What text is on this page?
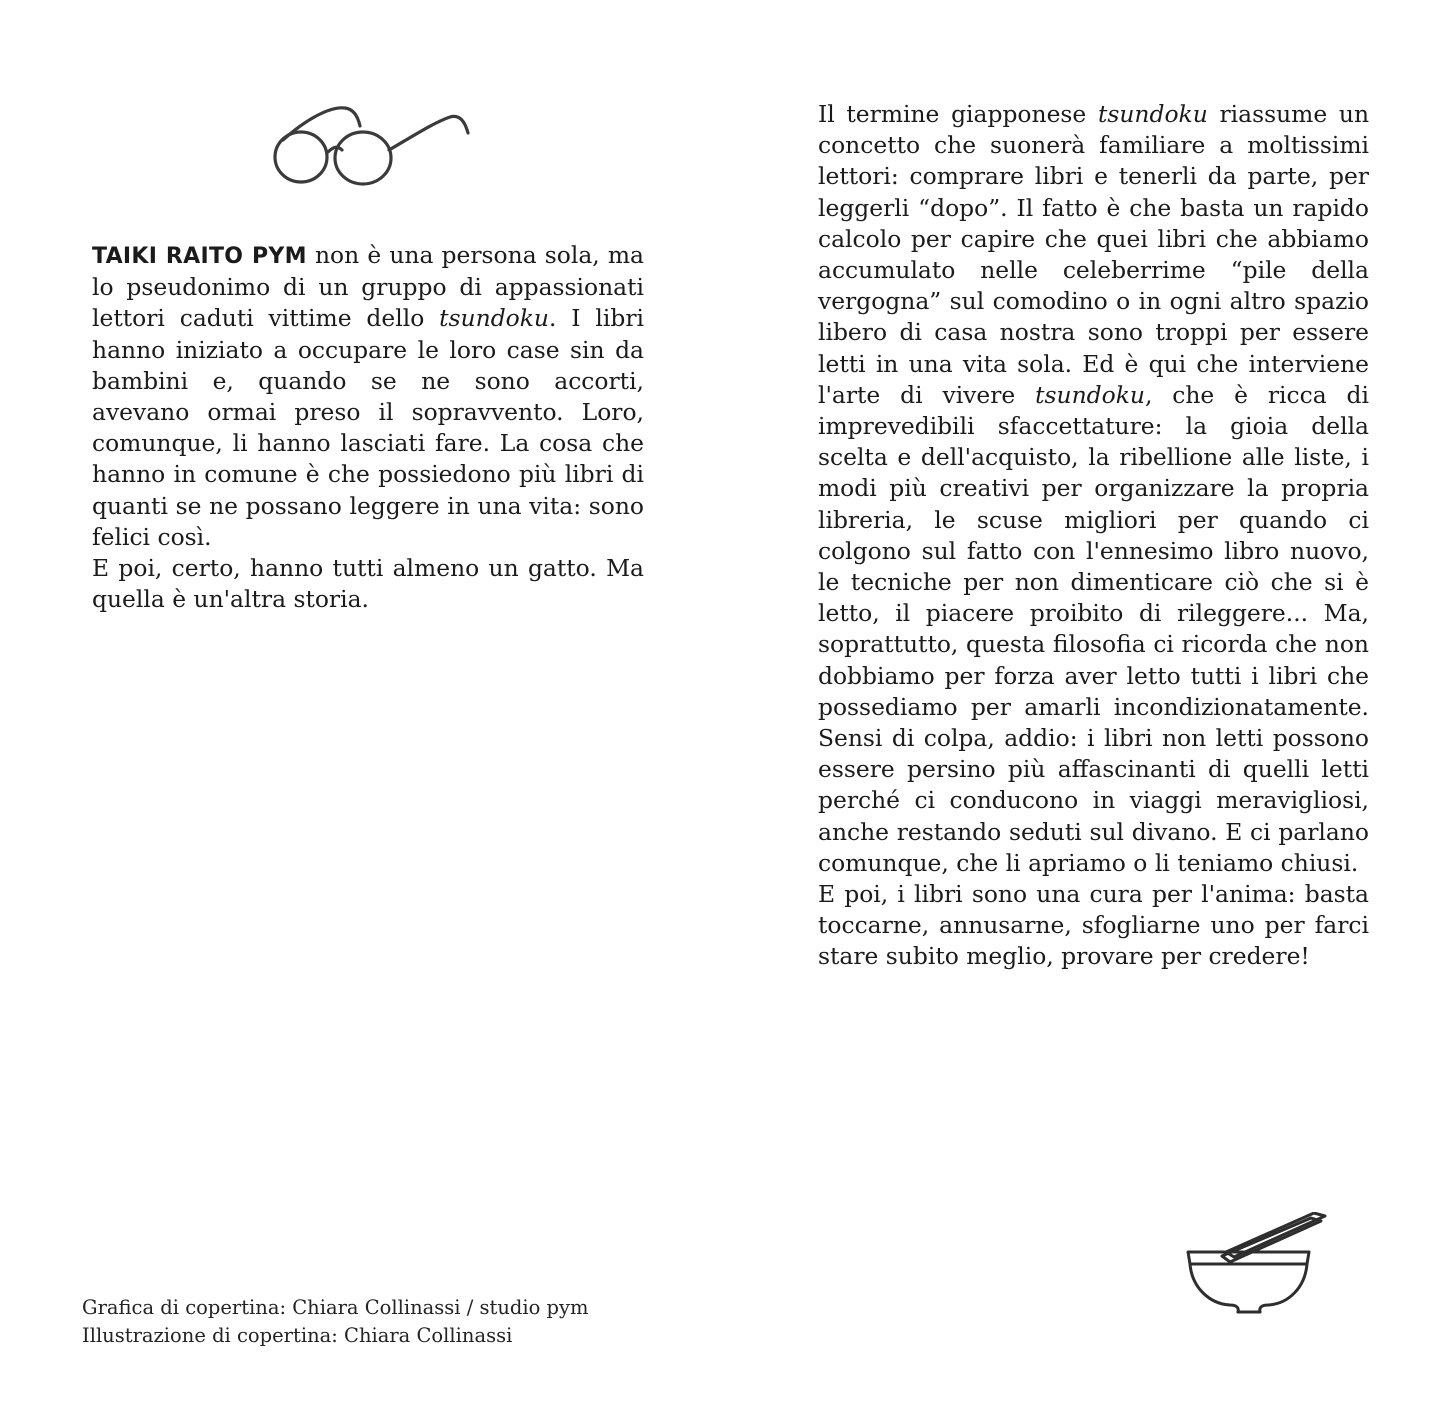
TAIKI RAITO PYM non è una persona sola, ma lo pseudonimo di un gruppo di appassionati lettori caduti vittime dello tsundoku. I libri hanno iniziato a occupare le loro case sin da bambini e, quando se ne sono accorti, avevano ormai preso il sopravvento. Loro, comunque, li hanno lasciati fare. La cosa che hanno in comune è che possiedono più libri di quanti se ne possano leggere in una vita: sono felici così.

E poi, certo, hanno tutti almeno un gatto. Ma quella è un'altra storia.

Il termine giapponese tsundoku riassume un concetto che suonerà familiare a moltissimi lettori: comprare libri e tenerli da parte, per leggerli “dopo”. Il fatto è che basta un rapido calcolo per capire che quei libri che abbiamo accumulato nelle celeberrime “pile della vergogna” sul comodino o in ogni altro spazio libero di casa nostra sono troppi per essere letti in una vita sola. Ed è qui che interviene l'arte di vivere tsundoku, che è ricca di imprevedibili sfaccettature: la gioia della scelta e dell'acquisto, la ribellione alle liste, i modi più creativi per organizzare la propria libreria, le scuse migliori per quando ci colgono sul fatto con l'ennesimo libro nuovo, le tecniche per non dimenticare ciò che si è letto, il piacere proibito di rileggere... Ma, soprattutto, questa filosofia ci ricorda che non dobbiamo per forza aver letto tutti i libri che possediamo per amarli incondizionatamente. Sensi di colpa, addio: i libri non letti possono essere persino più affascinanti di quelli letti perché ci conducono in viaggi meravigliosi, anche restando seduti sul divano. E ci parlano comunque, che li apriamo o li teniamo chiusi.

E poi, i libri sono una cura per l'anima: basta toccarne, annusarne, sfogliarne uno per farci stare subito meglio, provare per credere!

Grafica di copertina: Chiara Collinassi / studio pym
Illustrazione di copertina: Chiara Collinassi
